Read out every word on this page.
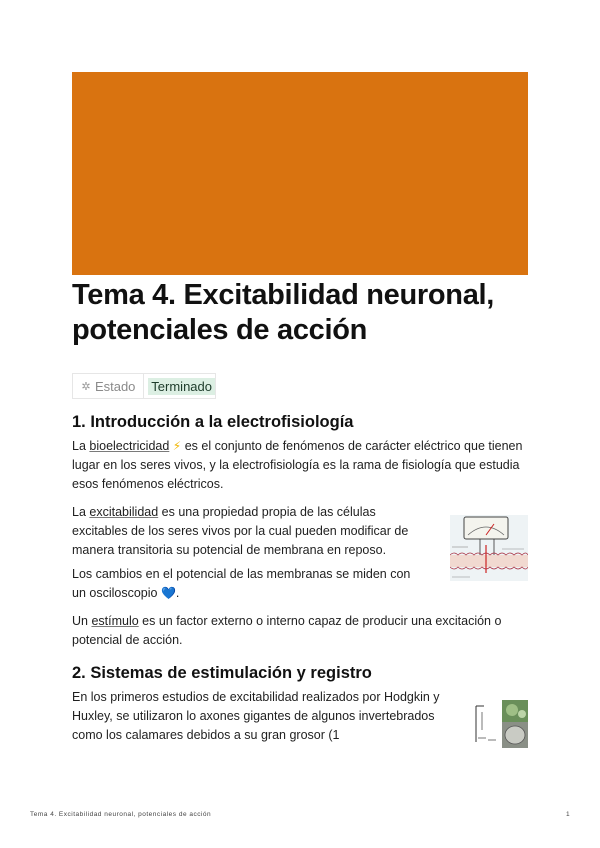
Tema 4. Excitabilidad neuronal, potenciales de acción
✲ Estado Terminado
1. Introducción a la electrofisiología

La bioelectricidad ⚡ es el conjunto de fenómenos de carácter eléctrico que tienen lugar en los seres vivos, y la electrofisiología es la rama de fisiología que estudia esos fenómenos eléctricos.

La excitabilidad es una propiedad propia de las células excitables de los seres vivos por la cual pueden modificar de manera transitoria su potencial de membrana en reposo.

Los cambios en el potencial de las membranas se miden con un osciloscopio 💙.

Un estímulo es un factor externo o interno capaz de producir una excitación o potencial de acción.

2. Sistemas de estimulación y registro

En los primeros estudios de excitabilidad realizados por Hodgkin y Huxley, se utilizaron lo axones gigantes de algunos invertebrados como los calamares debidos a su gran grosor (1

Tema 4. Excitabilidad neuronal, potenciales de acción	1
